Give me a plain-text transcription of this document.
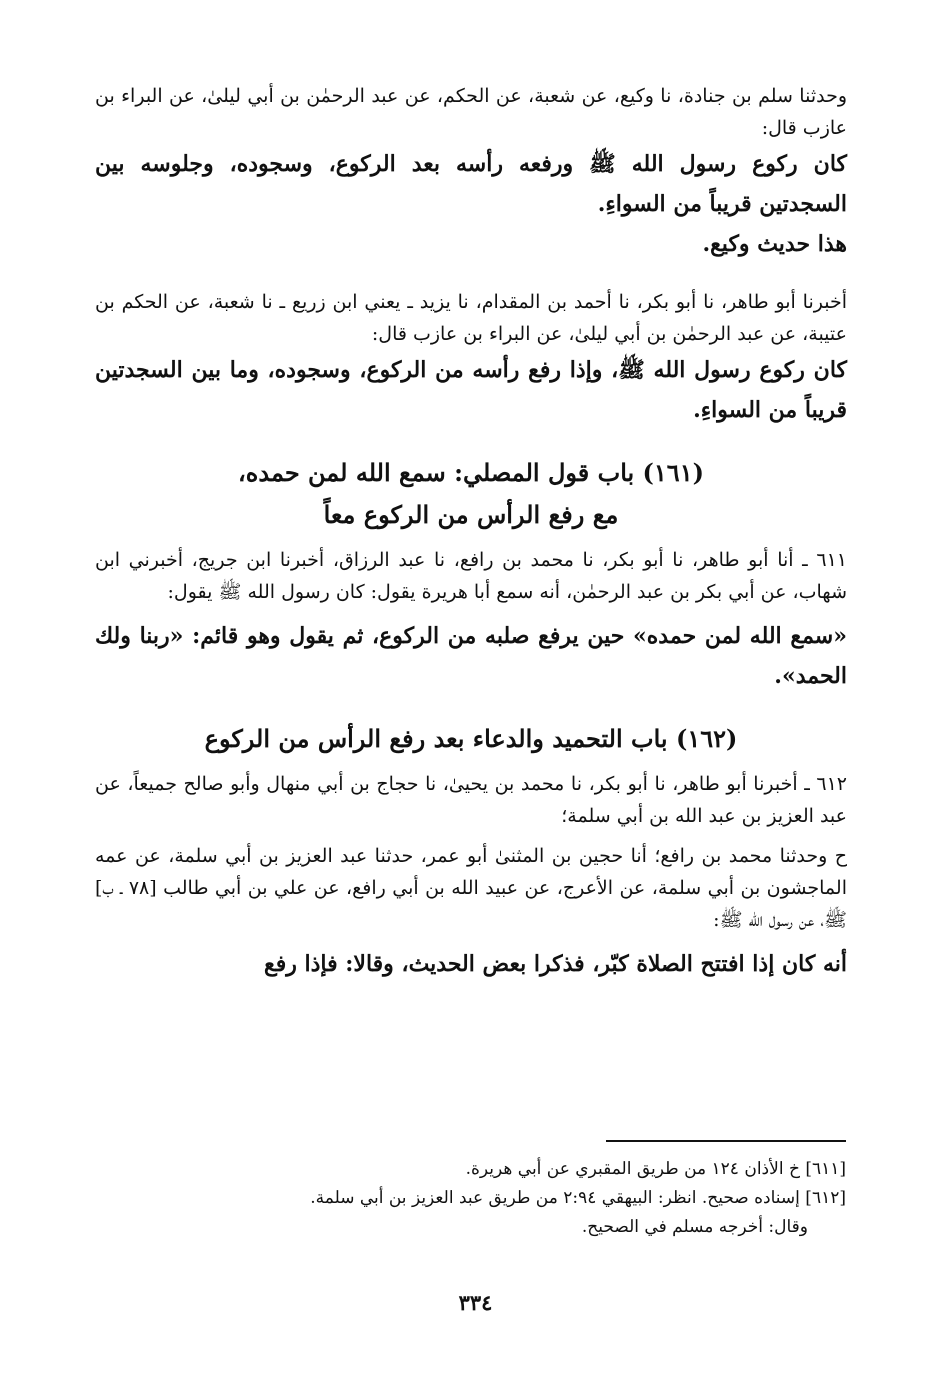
وحدثنا سلم بن جنادة، نا وكيع، عن شعبة، عن الحكم، عن عبد الرحمٰن بن أبي ليلىٰ، عن البراء بن عازب قال:

كان ركوع رسول الله ﷺ ورفعه رأسه بعد الركوع، وسجوده، وجلوسه بين السجدتين قريباً من السواءِ.

هذا حديث وكيع.

أخبرنا أبو طاهر، نا أبو بكر، نا أحمد بن المقدام، نا يزيد ـ يعني ابن زريع ـ نا شعبة، عن الحكم بن عتيبة، عن عبد الرحمٰن بن أبي ليلىٰ، عن البراء بن عازب قال:

كان ركوع رسول الله ﷺ، وإذا رفع رأسه من الركوع، وسجوده، وما بين السجدتين قريباً من السواءِ.

(١٦١) باب قول المصلي: سمع الله لمن حمده،

مع رفع الرأس من الركوع معاً

٦١١ ـ أنا أبو طاهر، نا أبو بكر، نا محمد بن رافع، نا عبد الرزاق، أخبرنا ابن جريج، أخبرني ابن شهاب، عن أبي بكر بن عبد الرحمٰن، أنه سمع أبا هريرة يقول: كان رسول الله ﷺ يقول:

«سمع الله لمن حمده» حين يرفع صلبه من الركوع، ثم يقول وهو قائم: «ربنا ولك الحمد».

(١٦٢) باب التحميد والدعاء بعد رفع الرأس من الركوع

٦١٢ ـ أخبرنا أبو طاهر، نا أبو بكر، نا محمد بن يحيىٰ، نا حجاج بن أبي منهال وأبو صالح جميعاً، عن عبد العزيز بن عبد الله بن أبي سلمة؛

ح وحدثنا محمد بن رافع؛ أنا حجين بن المثنىٰ أبو عمر، حدثنا عبد العزيز بن أبي سلمة، عن عمه الماجشون بن أبي سلمة، عن الأعرج، عن عبيد الله بن أبي رافع، عن علي بن أبي طالب [٧٨ ـ ب] ﷺ، عن رسول الله ﷺ:

أنه كان إذا افتتح الصلاة كبّر، فذكرا بعض الحديث، وقالا: فإذا رفع

[٦١١] خ الأذان ١٢٤ من طريق المقبري عن أبي هريرة.

[٦١٢] إسناده صحيح. انظر: البيهقي ٢:٩٤ من طريق عبد العزيز بن أبي سلمة.

وقال: أخرجه مسلم في الصحيح.

٣٣٤
